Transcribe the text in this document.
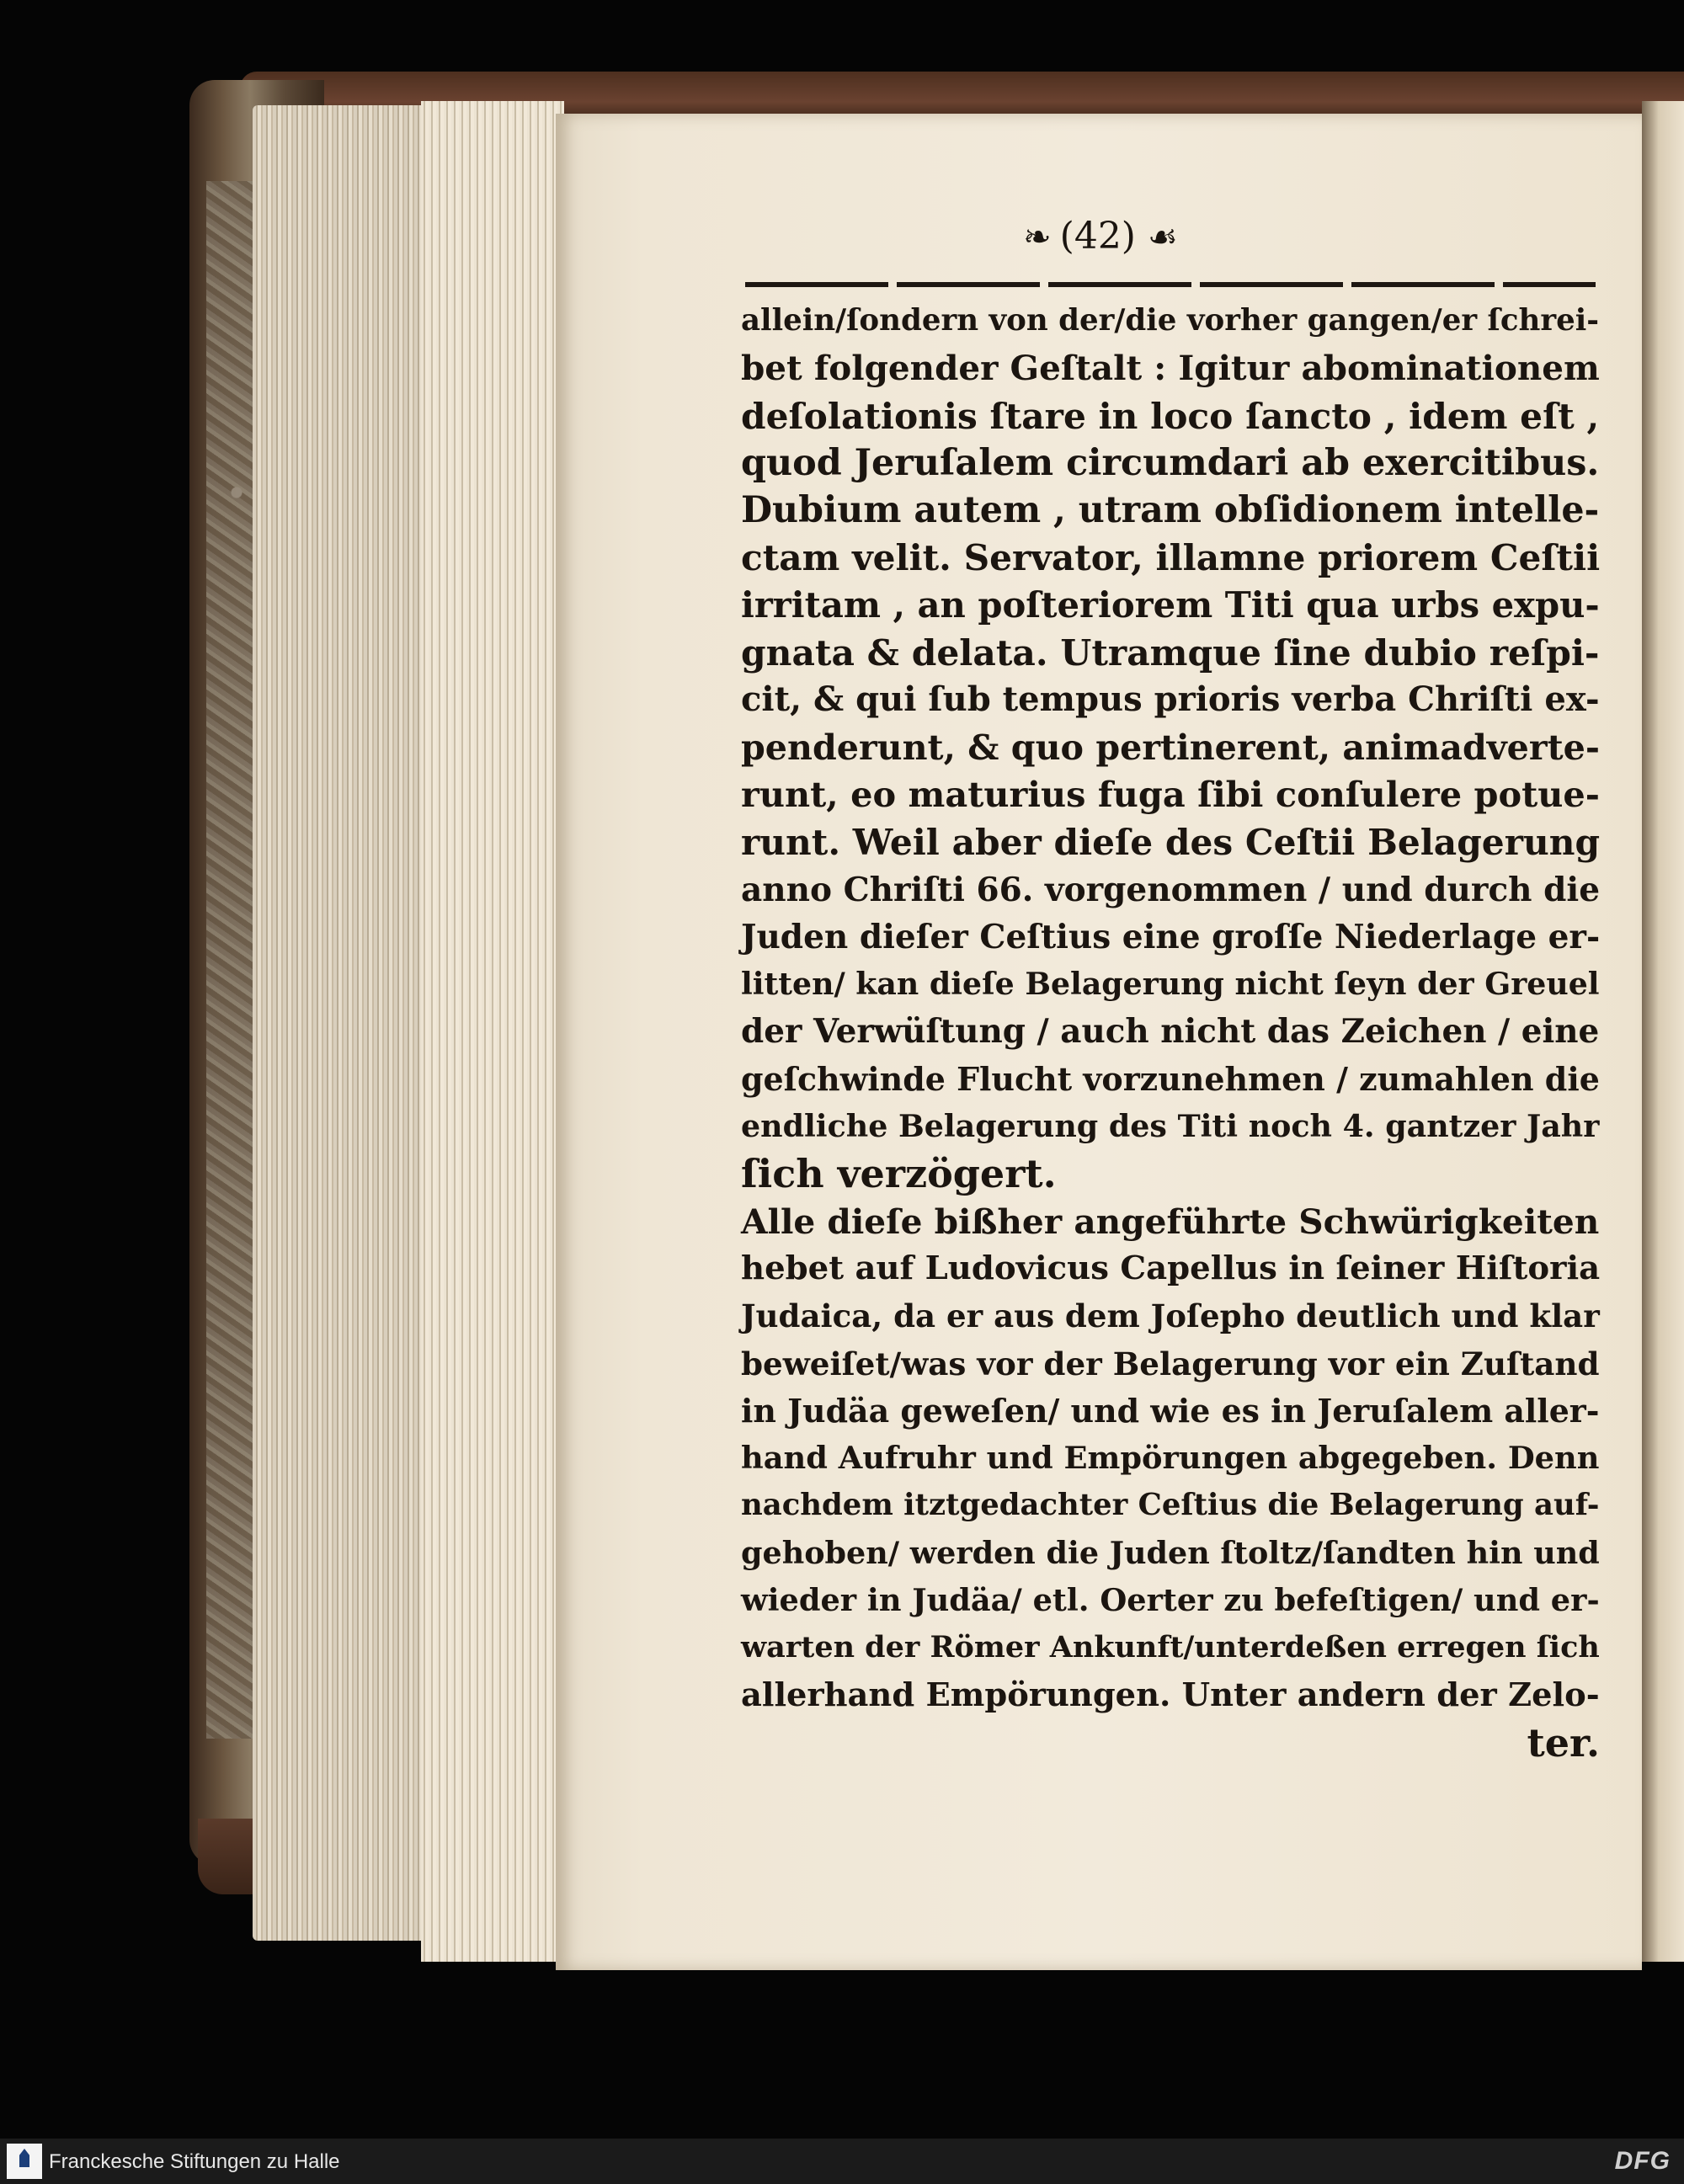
❧ (42) ☙
allein/ſondern von der/die vorher gangen/er ſchrei-
bet folgender Geſtalt : Igitur abominationem
deſolationis ſtare in loco ſancto , idem eſt ,
quod Jeruſalem circumdari ab exercitibus.
Dubium autem , utram obſidionem intelle-
ctam velit. Servator, illamne priorem Ceſtii
irritam , an poſteriorem Titi qua urbs expu-
gnata & delata. Utramque ſine dubio reſpi-
cit, & qui ſub tempus prioris verba Chriſti ex-
penderunt, & quo pertinerent, animadverte-
runt, eo maturius fuga ſibi conſulere potue-
runt. Weil aber dieſe des Ceſtii Belagerung
anno Chriſti 66. vorgenommen / und durch die
Juden dieſer Ceſtius eine groſſe Niederlage er-
litten/ kan dieſe Belagerung nicht ſeyn der Greuel
der Verwüſtung / auch nicht das Zeichen / eine
geſchwinde Flucht vorzunehmen / zumahlen die
endliche Belagerung des Titi noch 4. gantzer Jahr
ſich verzögert.
Alle dieſe bißher angeführte Schwürigkeiten
hebet auf Ludovicus Capellus in ſeiner Hiſtoria
Judaica, da er aus dem Joſepho deutlich und klar
beweiſet/was vor der Belagerung vor ein Zuſtand
in Judäa geweſen/ und wie es in Jeruſalem aller-
hand Aufruhr und Empörungen abgegeben. Denn
nachdem itztgedachter Ceſtius die Belagerung auf-
gehoben/ werden die Juden ſtoltz/ſandten hin und
wieder in Judäa/ etl. Oerter zu befeſtigen/ und er-
warten der Römer Ankunft/unterdeßen erregen ſich
allerhand Empörungen. Unter andern der Zelo-
ter.
Franckesche Stiftungen zu Halle	DFG
